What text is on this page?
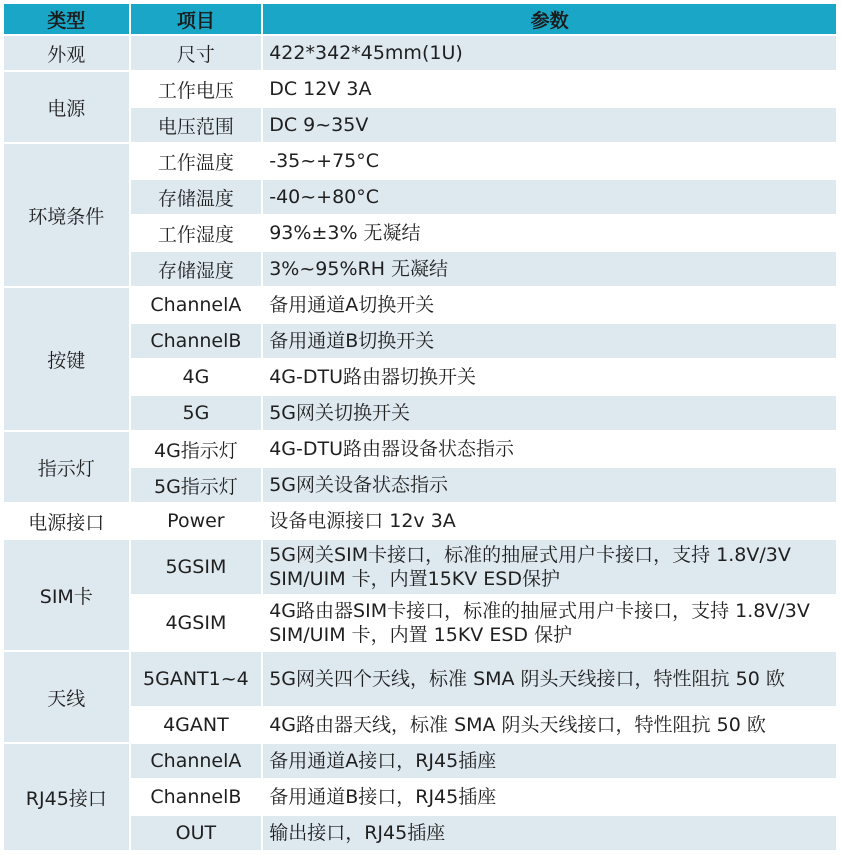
类型	项目	参数
外观	尺寸	422*342*45mm(1U)
电源	工作电压	DC 12V 3A
	电压范围	DC 9~35V
环境条件	工作温度	-35~+75°C
	存储温度	-40~+80°C
	工作湿度	93%±3% 无凝结
	存储湿度	3%~95%RH 无凝结
按键	ChannelA	备用通道A切换开关
	ChannelB	备用通道B切换开关
	4G	4G-DTU路由器切换开关
	5G	5G网关切换开关
指示灯	4G指示灯	4G-DTU路由器设备状态指示
	5G指示灯	5G网关设备状态指示
电源接口	Power	设备电源接口 12v 3A
SIM卡	5GSIM	5G网关SIM卡接口，标准的抽屉式用户卡接口，支持 1.8V/3V SIM/UIM 卡，内置15KV ESD保护
	4GSIM	4G路由器SIM卡接口，标准的抽屉式用户卡接口，支持 1.8V/3V SIM/UIM 卡，内置 15KV ESD 保护
天线	5GANT1~4	5G网关四个天线，标准 SMA 阴头天线接口，特性阻抗 50 欧
	4GANT	4G路由器天线，标准 SMA 阴头天线接口，特性阻抗 50 欧
RJ45接口	ChannelA	备用通道A接口，RJ45插座
	ChannelB	备用通道B接口，RJ45插座
	OUT	输出接口，RJ45插座
